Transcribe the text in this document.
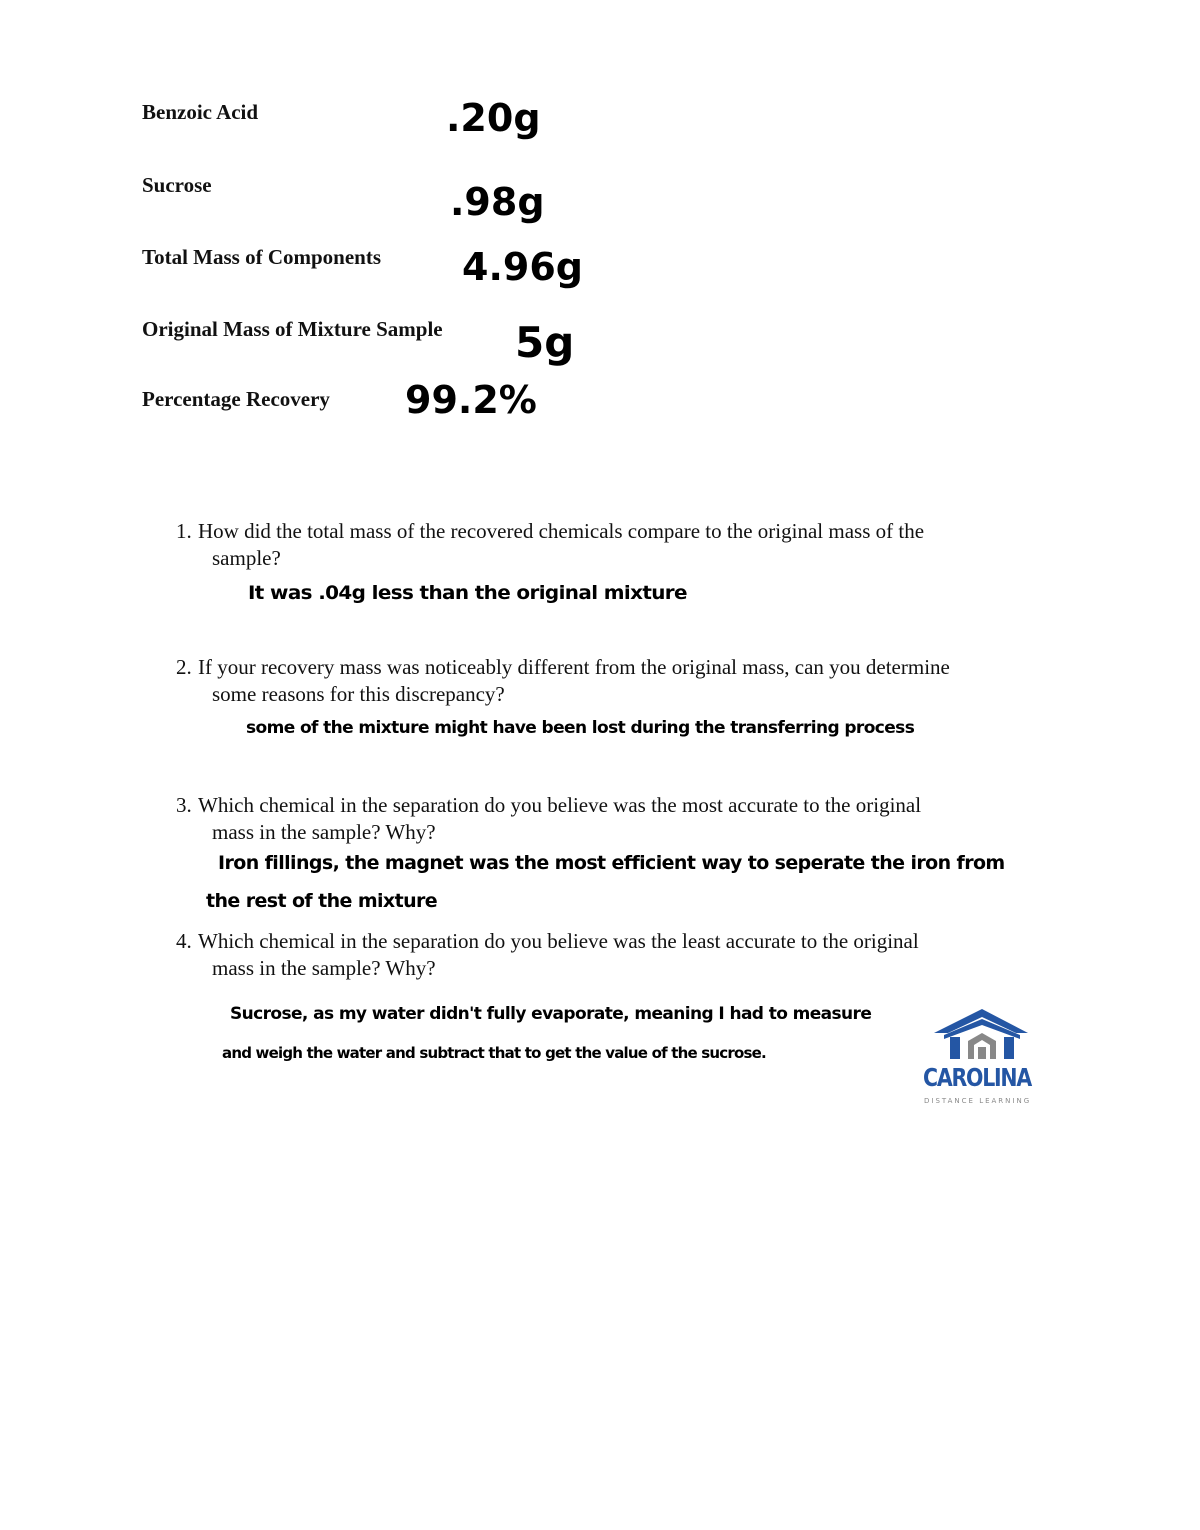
Benzoic Acid	.20g
Sucrose	.98g
Total Mass of Components 4.96g
Original Mass of Mixture Sample 5g
Percentage Recovery 99.2%
1. How did the total mass of the recovered chemicals compare to the original mass of the
sample?
It was .04g less than the original mixture
2. If your recovery mass was noticeably different from the original mass, can you determine
some reasons for this discrepancy?
some of the mixture might have been lost during the transferring process
3. Which chemical in the separation do you believe was the most accurate to the original
mass in the sample? Why?
Iron fillings, the magnet was the most efficient way to seperate the iron from
the rest of the mixture
4. Which chemical in the separation do you believe was the least accurate to the original
mass in the sample? Why?
Sucrose, as my water didn't fully evaporate, meaning I had to measure
and weigh the water and subtract that to get the value of the sucrose.
CAROLINA
DISTANCE LEARNING
